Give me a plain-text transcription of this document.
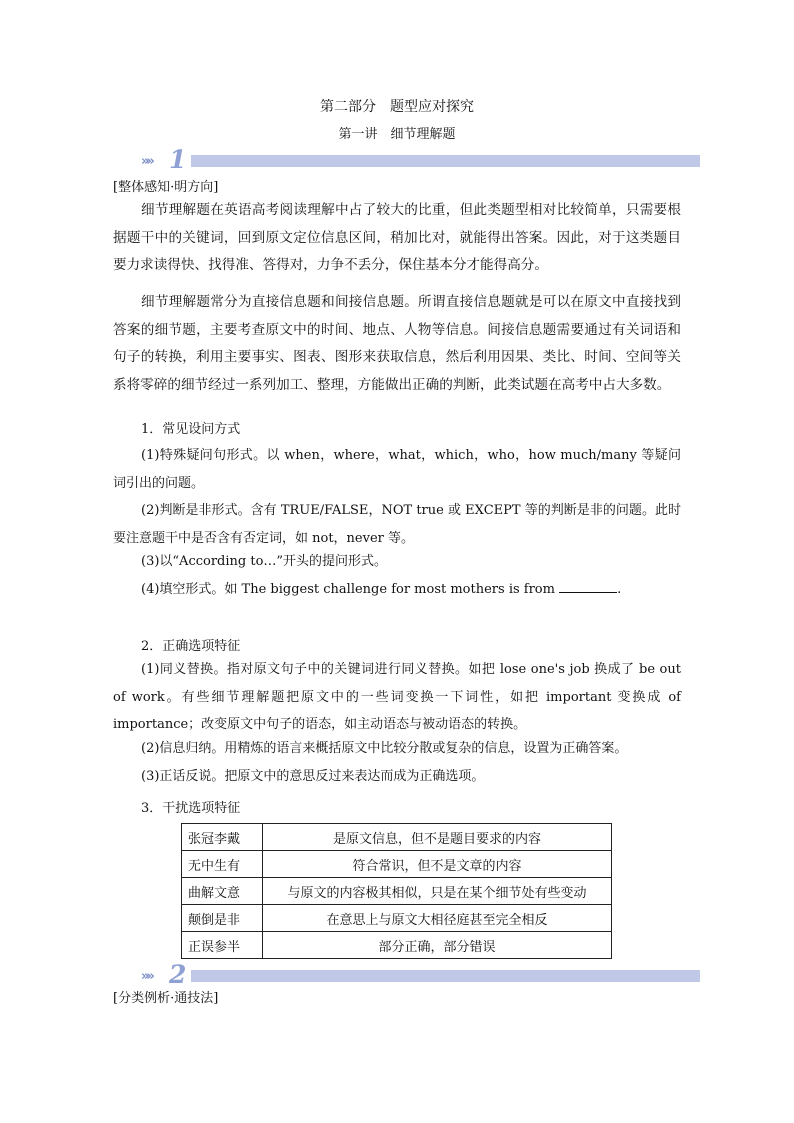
第二部分　题型应对探究
第一讲　细节理解题
»» 1
[整体感知·明方向]

细节理解题在英语高考阅读理解中占了较大的比重，但此类题型相对比较简单，只需要根据题干中的关键词，回到原文定位信息区间，稍加比对，就能得出答案。因此，对于这类题目要力求读得快、找得准、答得对，力争不丢分，保住基本分才能得高分。

细节理解题常分为直接信息题和间接信息题。所谓直接信息题就是可以在原文中直接找到答案的细节题，主要考查原文中的时间、地点、人物等信息。间接信息题需要通过有关词语和句子的转换，利用主要事实、图表、图形来获取信息，然后利用因果、类比、时间、空间等关系将零碎的细节经过一系列加工、整理，方能做出正确的判断，此类试题在高考中占大多数。

1．常见设问方式

(1)特殊疑问句形式。以 when，where，what，which，who，how much/many 等疑问词引出的问题。

(2)判断是非形式。含有 TRUE/FALSE，NOT true 或 EXCEPT 等的判断是非的问题。此时要注意题干中是否含有否定词，如 not，never 等。

(3)以“According to…”开头的提问形式。
(4)填空形式。如 The biggest challenge for most mothers is from	.
2．正确选项特征

(1)同义替换。指对原文句子中的关键词进行同义替换。如把 lose one's job 换成了 be out of work。有些细节理解题把原文中的一些词变换一下词性，如把 important 变换成 of importance；改变原文中句子的语态，如主动语态与被动语态的转换。

(2)信息归纳。用精炼的语言来概括原文中比较分散或复杂的信息，设置为正确答案。
(3)正话反说。把原文中的意思反过来表达而成为正确选项。
3．干扰选项特征
张冠李戴	是原文信息，但不是题目要求的内容
无中生有	符合常识，但不是文章的内容
曲解文意	与原文的内容极其相似，只是在某个细节处有些变动
颠倒是非	在意思上与原文大相径庭甚至完全相反
正误参半	部分正确，部分错误
»» 2
[分类例析·通技法]
